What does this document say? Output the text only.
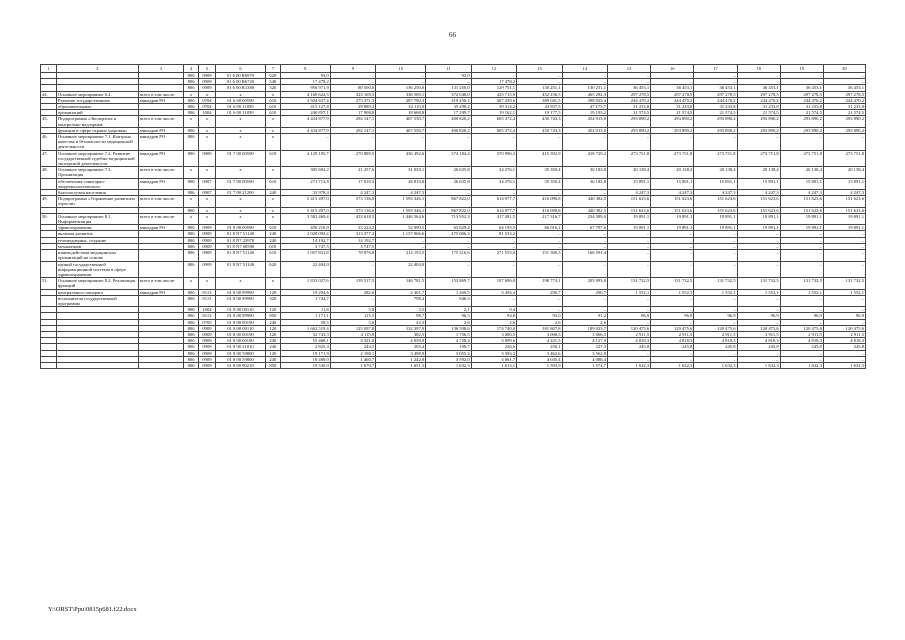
66
1	2	3	4	5	6	7	8	9	10	11	12	13	14	15	16	17	18	19	20
			806	0909	01 6 00 R6970	620	93,0	–	–	93,0	–	–	–	–	–	–	–	–	–
			806	0909	01 6 00 R6720	540	17 478,2	–	–	–	17 478,2	–	–	–	–	–	–	–	–
			806	0909	01 6 00 R1380	320	956 971,9	80 500,0	136 250,0	131 250,0	129 751,1	130 251,1	130 251,1	36 453,1	36 453,1	36 453,1	36 453,1	36 453,1	36 453,1
44.	Основное мероприятие 6.4.	всего в том числе:	x	x	x	x	4 160 622,3	323 169,5	338 569,1	372 048,0	425 715,9	452 156,5	465 292,3	297 278,5	297 278,5	297 278,5	297 278,5	297 278,5	297 278,5
	Развитие государственных	минздрав РО	806	0704	01 6 00 00590	610	3 504 637,4	275 371,3	287 790,3	319 450,1	367 239,6	389 041,5	398 923,4	244 470,2	244 470,2	244 470,2	244 470,2	244 470,2	244 470,2
	образовательных		806	0704	01 6 00 11050	610	415 127,8	29 889,4	32 110,0	35 298,2	39 314,2	43 937,5	47 175,7	31 233,8	31 233,8	31 233,8	31 233,8	31 233,8	31 233,8
	организаций		806	1004	01 6 00 11050	610	240 857,1	17 908,8	18 668,8	17 299,7	19 162,1	19 177,5	19 193,2	21 574,5	21 574,5	21 574,5	21 574,5	21 574,5	21 574,5
45.	Подпрограмма «Экспертиза и контрольно-надзорные	всего в том числе:	x	x	x	x	4 434 877,9	292 147,1	467 550,7	400 820,2	605 372,4	450 743,3	454 913,0	293 890,2	293 890,2	293 890,2	293 890,2	293 890,2	293 890,2
	функции в сфере охраны здоровья»	минздрав РО	806	x	x	x	4 434 877,9	292 147,1	467 550,7	400 820,2	605 372,4	450 743,3	454 913,0	293 890,2	293 890,2	293 890,2	293 890,2	293 890,2	293 890,2
46.	Основное мероприятие 7.1. Контроль качества и безопасности медицинской деятельности	минздрав РО	806	x	x	x	–	–	–	–	–	–	–	–	–	–	–	–	–
47.	Основное мероприятие 7.2. Развитие государственной судебно-медицинской экспертной деятельности	минздрав РО	806	0909	01 7 00 00590	610	4 129 195,7	270 889,5	436 492,6	374 184,4	570 996,3	415 392,9	418 729,2	273 751,8	273 751,8	273 751,8	273 751,8	273 751,8	273 751,8
48.	Основное мероприятие 7.3. Организация	всего в том числе:	x	x	x	x	305 692,2	21 257,6	31 058,1	26 635,8	34 376,1	35 350,4	36 183,8	20 138,4	20 138,4	20 138,4	20 138,4	20 138,4	20 138,4
	обеспечения санитарно-эпидемиологического	минздрав РО	806	0907	01 7 00 00590	610	271 713,8	17 010,3	26 810,8	26 635,8	34 376,1	35 350,4	36 183,8	15 891,1	15 891,1	15 891,1	15 891,1	15 891,1	15 891,1
	благополучия населения		806	0907	01 7 00 21200	240	33 978,4	4 247,3	4 247,3	–	–	–	–	4 247,3	4 247,3	4 247,3	4 247,3	4 247,3	4 247,3
49.	Подпрограмма «Управление развитием отрасли»	всего в том числе:	x	x	x	x	5 415 497,0	573 136,0	1 593 346,1	867 822,0	614 977,7	416 090,8	440 382,5	151 623,6	151 623,6	151 623,6	151 623,6	151 623,6	151 623,6
			806	x	x	x	5 415 497,0	573 136,0	1 593 346,1	867 822,0	614 977,7	416 090,8	440 382,5	151 623,6	151 623,6	151 623,6	151 623,6	151 623,6	151 623,6
50.	Основное мероприятие 8.1. Информатизация	всего в том числе:	x	x	x	x	3 582 469,4	433 618,5	1 446 564,6	713 952,3	417 281,5	217 316,7	234 389,0	19 891,1	19 891,1	19 891,1	19 891,1	19 891,1	19 891,1
	здравоохранения,	минздрав РО	806	0909	01 8 00 00590	610	456 210,0	23 224,2	52 090,5	63 629,4	64 195,5	66 016,2	67 797,6	19 891,1	19 891,1	19 891,1	19 891,1	19 891,1	19 891,1
	включая развитие		806	0909	01 8 N7 51140	240	2 028 093,4	313 377,3	1 157 966,6	475 006,3	81 533,2	–	–	–	–	–	–	–	–
	телемедицины, создание		806	0909	01 8 N7 23970	240	14 192,7	14 192,7	–	–	–	–	–	–	–	–	–	–	–
	механизмов		806	0909	01 8 N7 00590	610	3 747,5	3 747,5	–	–	–	–	–	–	–	–	–	–	–
	взаимодействия медицинских организаций на основе		806	0909	01 8 N7 51140	610	1 057 831,8	78 876,8	214 193,5	175 316,6	271 553,0	151 300,5	166 591,4	–	–	–	–	–	–
	единой государственной информационной системы в сфере здравоохранения		806	0909	01 8 N7 51140	620	22 404,0	–	22 404,0	–	–	–	–	–	–	–	–	–	–
51.	Основное мероприятие 8.2. Реализация функций	всего в том числе:	x	x	x	x	1 833 027,6	139 517,5	146 781,5	153 869,7	197 696,0	198 774,1	205 993,8	131 732,5	131 732,5	131 732,5	131 732,5	131 732,5	131 732,5
	центрального аппарата	минздрав РО	806	0113	01 8 00 99990	120	19 294,6	282,0	2 401,7	1 260,5	5 456,4	290,7	290,7	1 552,1	1 552,1	1 552,1	1 552,1	1 552,1	1 552,1
	исполнителя государственной программы		806	0113	01 8 00 99990	320	1 744,7	–	798,4	946,3	–	–	–	–	–	–	–	–	–
			806	1004	01 8 00 00110	120	11,8	5,8	3,5	2,1	0,4	–	–	–	–	–	–	–	–
			806	0113	01 8 00 99990	850	1 171,1	115,5	98,7	96,5	94,8	93,0	91,2	96,9	96,9	96,9	96,9	96,9	96,9
			806	0705	01 8 00 00190	240	58,3	5,6	42,3	2,6	2,6	2,6	2,6	–	–	–	–	–	–
			806	0909	01 8 00 00110	120	1 662 519,4	125 097,8	132 397,9	136 598,6	174 740,0	181 807,8	189 023,7	120 475,6	120 475,6	120 475,6	120 475,6	120 475,6	120 475,6
			806	0909	01 8 00 00190	120	32 743,3	4 115,8	382,5	1 756,5	3 006,5	3 006,5	3 006,5	2 911,5	2 911,5	2 911,5	2 911,5	2 911,5	2 911,5
			806	0909	01 8 00 00190	240	55 468,1	4 321,0	4 059,9	4 728,4	5 099,6	4 221,5	4 127,9	4 818,3	4 818,3	4 818,3	4 818,3	4 818,3	4 818,3
			806	0909	01 8 00 21010	240	2 825,4	244,5	203,4	198,7	226,6	250,1	227,3	245,8	245,8	245,8	245,8	245,8	245,8
			806	0909	01 8 00 59800	120	19 171,9	2 198,1	3 498,9	3 055,2	3 394,3	3 462,6	3 562,8	–	–	–	–	–	–
			806	0909	01 8 00 59800	240	18 489,0	1 460,7	1 242,8	3 592,0	4 061,7	4 045,4	4 086,4	–	–	–	–	–	–
			806	0909	01 8 00 90210	850	19 530,0	1 670,7	1 651,5	1 632,3	1 613,1	1 593,9	1 574,7	1 632,3	1 632,3	1 632,3	1 632,3	1 632,3	1 632,3
Y:\ORST\Ppu\0815p681.f22.docx
